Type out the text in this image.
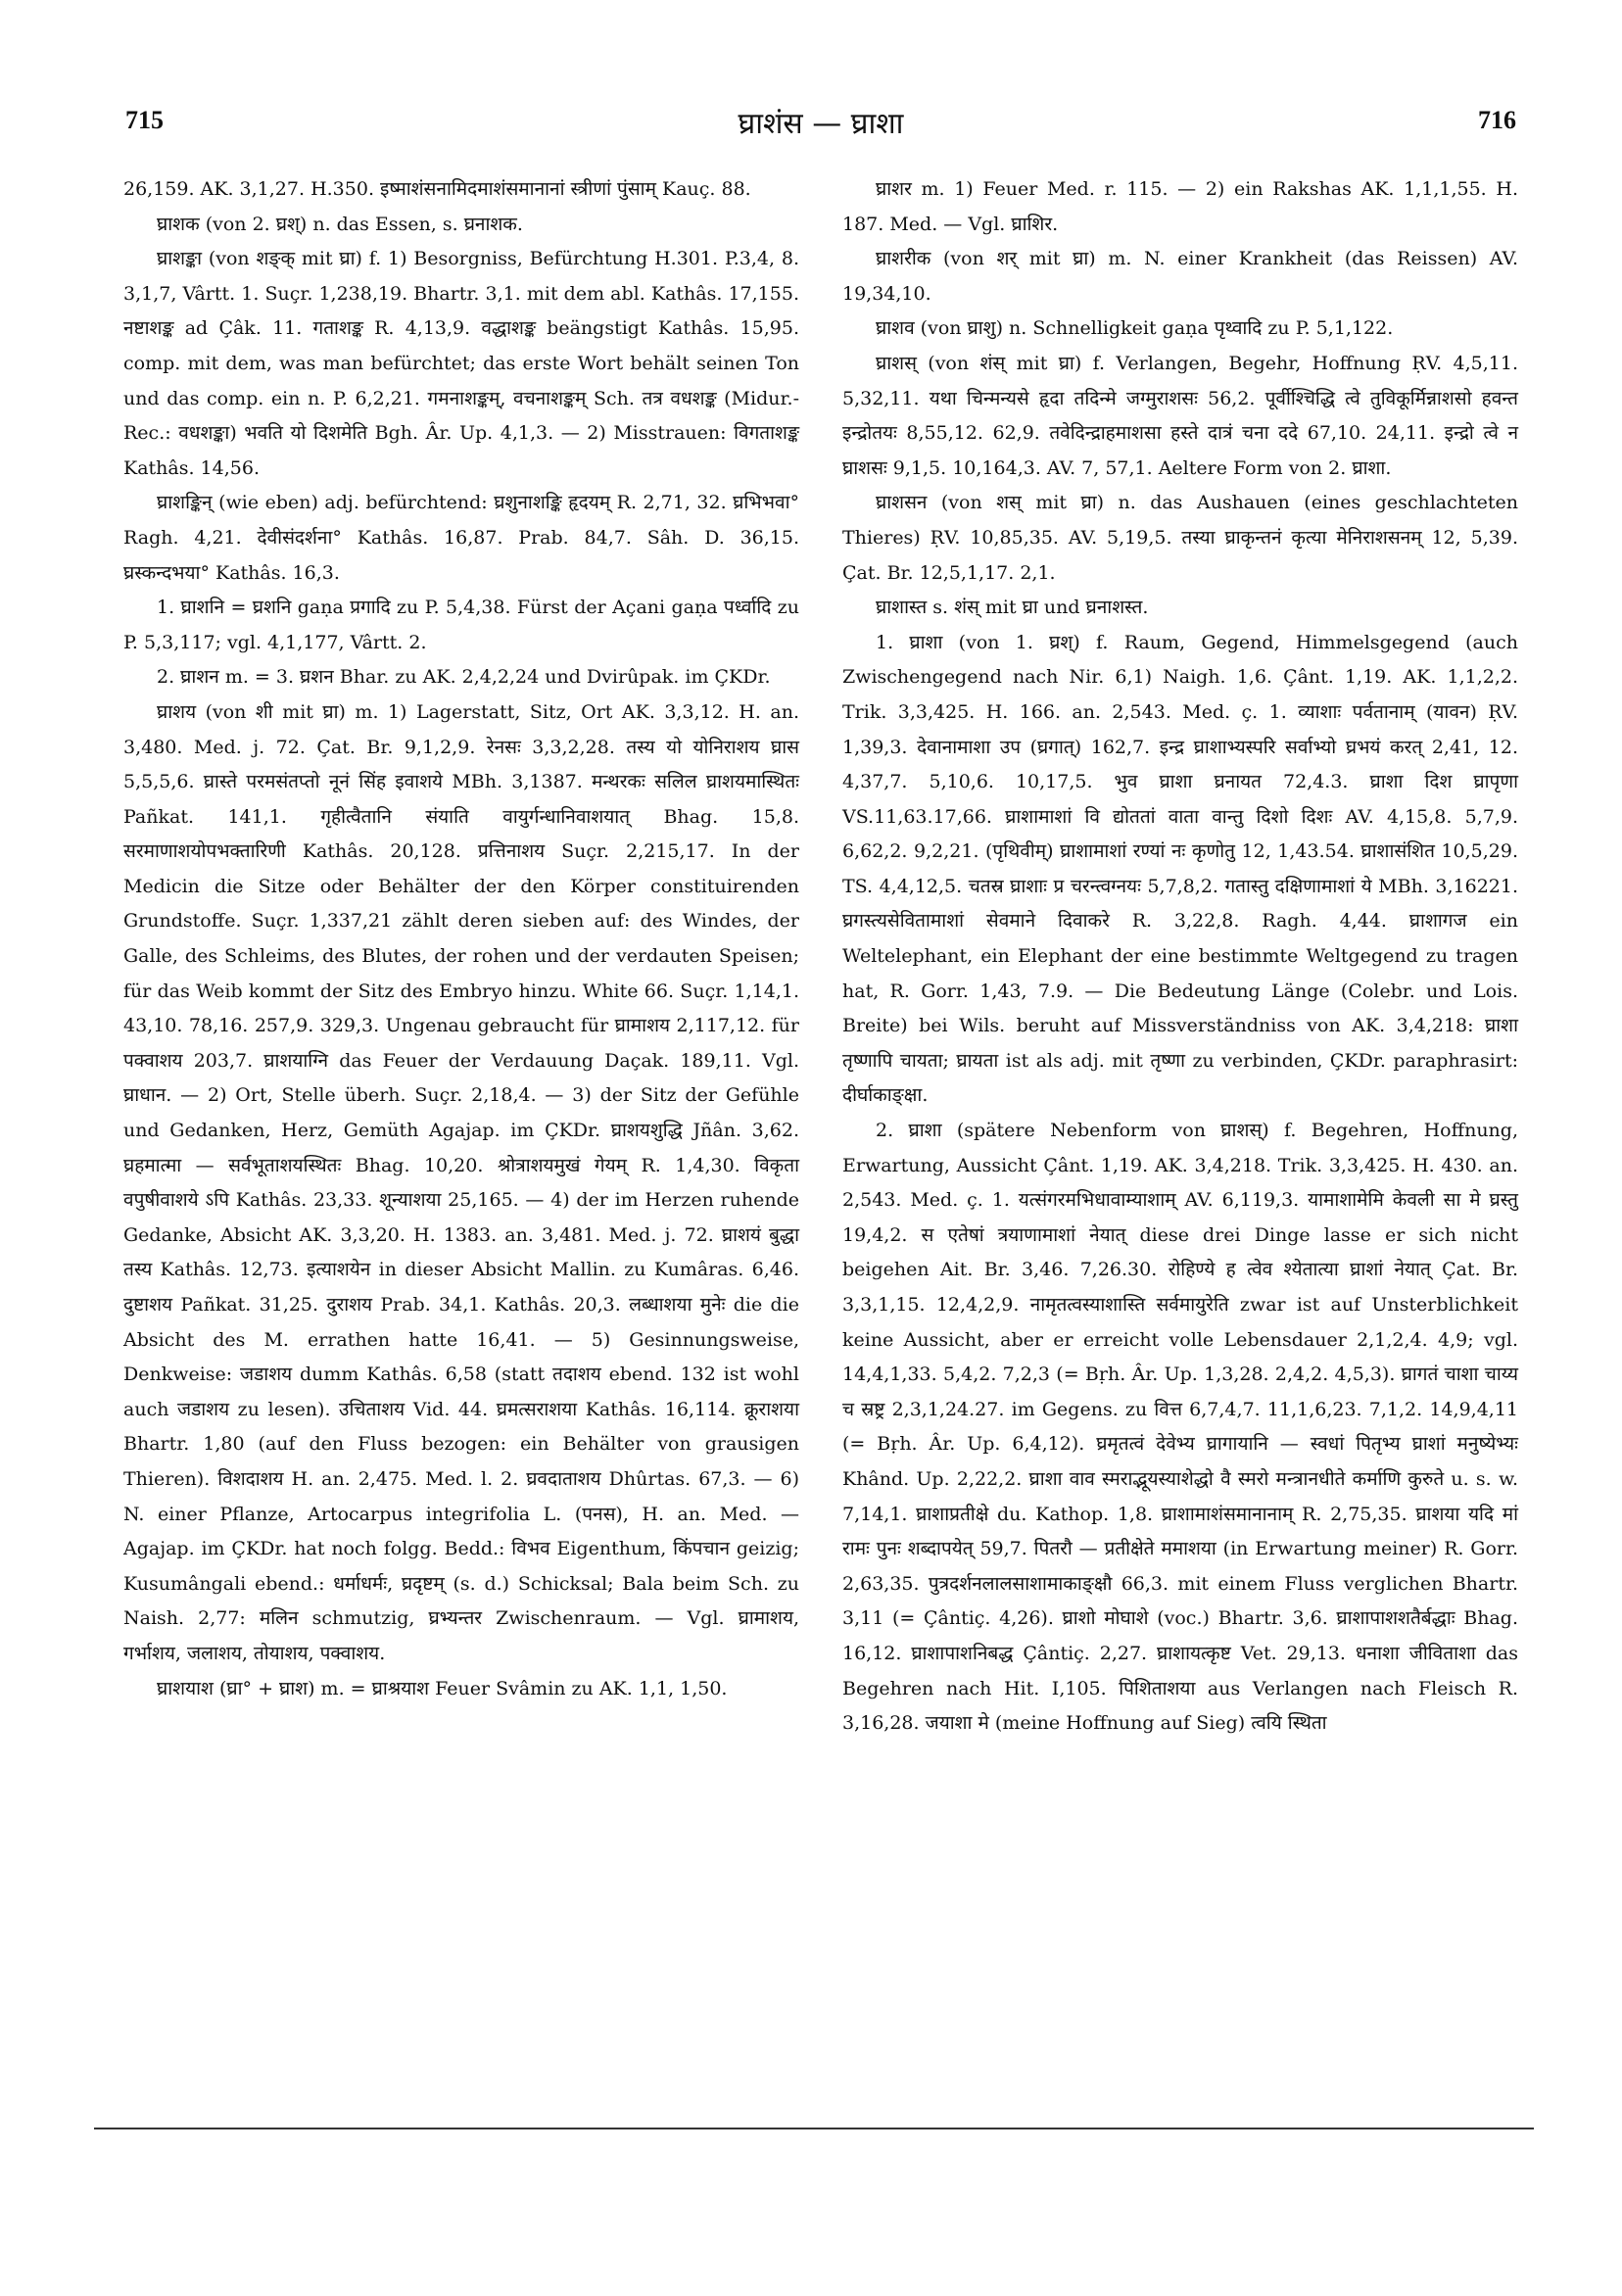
715	घ्राशंस — घ्राशा	716

26,159. AK. 3,1,27. H.350. इष्माशंसनामिदमाशंसमानानां स्त्रीणां पुंसाम् Kauç. 88.

घ्राशक (von 2. घ्रश्) n. das Essen, s. घ्रनाशक.

घ्राशङ्का (von शङ्क् mit घ्रा) f. 1) Besorgniss, Befürchtung H.301. P.3,4, 8. 3,1,7, Vârtt. 1. Suçr. 1,238,19. Bhartr. 3,1. mit dem abl. Kathâs. 17,155. नष्टाशङ्क ad Çâk. 11. गताशङ्क R. 4,13,9. वद्धाशङ्क beängstigt Kathâs. 15,95. comp. mit dem, was man befürchtet; das erste Wort behält seinen Ton und das comp. ein n. P. 6,2,21. गमनाशङ्कम्, वचनाशङ्कम् Sch. तत्र वधशङ्क (Midur.-Rec.: वधशङ्का) भवति यो दिशमेति Bgh. Âr. Up. 4,1,3. — 2) Misstrauen: विगताशङ्क Kathâs. 14,56.

घ्राशङ्किन् (wie eben) adj. befürchtend: घ्रशुनाशङ्कि हृदयम् R. 2,71, 32. घ्रभिभवा° Ragh. 4,21. देवीसंदर्शना° Kathâs. 16,87. Prab. 84,7. Sâh. D. 36,15. घ्रस्कन्दभया° Kathâs. 16,3.

1. घ्राशनि = घ्रशनि gaṇa प्रगादि zu P. 5,4,38. Fürst der Açani gaṇa पर्ध्वादि zu P. 5,3,117; vgl. 4,1,177, Vârtt. 2.

2. घ्राशन m. = 3. घ्रशन Bhar. zu AK. 2,4,2,24 und Dvirûpak. im ÇKDr.

घ्राशय (von शी mit घ्रा) m. 1) Lagerstatt, Sitz, Ort AK. 3,3,12. H. an. 3,480. Med. j. 72. Çat. Br. 9,1,2,9. रेनसः 3,3,2,28. तस्य यो योनिराशय घ्रास 5,5,5,6. घ्रास्ते परमसंतप्तो नूनं सिंह इवाशये MBh. 3,1387. मन्थरकः सलिल घ्राशयमास्थितः Pañkat. 141,1. गृहीत्वैतानि संयाति वायुर्गन्धानिवाशयात् Bhag. 15,8. सरमाणाशयोपभक्तारिणी Kathâs. 20,128. प्रत्तिनाशय Suçr. 2,215,17. In der Medicin die Sitze oder Behälter der den Körper constituirenden Grundstoffe. Suçr. 1,337,21 zählt deren sieben auf: des Windes, der Galle, des Schleims, des Blutes, der rohen und der verdauten Speisen; für das Weib kommt der Sitz des Embryo hinzu. White 66. Suçr. 1,14,1. 43,10. 78,16. 257,9. 329,3. Ungenau gebraucht für घ्रामाशय 2,117,12. für पक्वाशय 203,7. घ्राशयाग्नि das Feuer der Verdauung Daçak. 189,11. Vgl. घ्राधान. — 2) Ort, Stelle überh. Suçr. 2,18,4. — 3) der Sitz der Gefühle und Gedanken, Herz, Gemüth Agajap. im ÇKDr. घ्राशयशुद्धि Jñân. 3,62. घ्रहमात्मा — सर्वभूताशयस्थितः Bhag. 10,20. श्रोत्राशयमुखं गेयम् R. 1,4,30. विकृता वपुषीवाशये ऽपि Kathâs. 23,33. शून्याशया 25,165. — 4) der im Herzen ruhende Gedanke, Absicht AK. 3,3,20. H. 1383. an. 3,481. Med. j. 72. घ्राशयं बुद्धा तस्य Kathâs. 12,73. इत्याशयेन in dieser Absicht Mallin. zu Kumâras. 6,46. दुष्टाशय Pañkat. 31,25. दुराशय Prab. 34,1. Kathâs. 20,3. लब्धाशया मुनेः die die Absicht des M. errathen hatte 16,41. — 5) Gesinnungsweise, Denkweise: जडाशय dumm Kathâs. 6,58 (statt तदाशय ebend. 132 ist wohl auch जडाशय zu lesen). उचिताशय Vid. 44. घ्रमत्सराशया Kathâs. 16,114. क्रूराशया Bhartr. 1,80 (auf den Fluss bezogen: ein Behälter von grausigen Thieren). विशदाशय H. an. 2,475. Med. l. 2. घ्रवदाताशय Dhûrtas. 67,3. — 6) N. einer Pflanze, Artocarpus integrifolia L. (पनस), H. an. Med. — Agajap. im ÇKDr. hat noch folgg. Bedd.: विभव Eigenthum, किंपचान geizig; Kusumângali ebend.: धर्माधर्मः, घ्रदृष्टम् (s. d.) Schicksal; Bala beim Sch. zu Naish. 2,77: मलिन schmutzig, घ्रभ्यन्तर Zwischenraum. — Vgl. घ्रामाशय, गर्भाशय, जलाशय, तोयाशय, पक्वाशय.

घ्राशयाश (घ्रा° + घ्राश) m. = घ्राश्रयाश Feuer Svâmin zu AK. 1,1, 1,50.

घ्राशर m. 1) Feuer Med. r. 115. — 2) ein Rakshas AK. 1,1,1,55. H. 187. Med. — Vgl. घ्राशिर.

घ्राशरीक (von शर् mit घ्रा) m. N. einer Krankheit (das Reissen) AV. 19,34,10.

घ्राशव (von घ्राशु) n. Schnelligkeit gaṇa पृथ्वादि zu P. 5,1,122.

घ्राशस् (von शंस् mit घ्रा) f. Verlangen, Begehr, Hoffnung ṚV. 4,5,11. 5,32,11. यथा चिन्मन्यसे हृदा तदिन्मे जग्मुराशसः 56,2. पूर्वीश्चिद्धि त्वे तुविकूर्मिन्नाशसो हवन्त इन्द्रोतयः 8,55,12. 62,9. तवेदिन्द्राहमाशसा हस्ते दात्रं चना ददे 67,10. 24,11. इन्द्रो त्वे न घ्राशसः 9,1,5. 10,164,3. AV. 7, 57,1. Aeltere Form von 2. घ्राशा.

घ्राशसन (von शस् mit घ्रा) n. das Aushauen (eines geschlachteten Thieres) ṚV. 10,85,35. AV. 5,19,5. तस्या घ्राकृन्तनं कृत्या मेनिराशसनम् 12, 5,39. Çat. Br. 12,5,1,17. 2,1.

घ्राशास्त s. शंस् mit घ्रा und घ्रनाशस्त.

1. घ्राशा (von 1. घ्रश्) f. Raum, Gegend, Himmelsgegend (auch Zwischengegend nach Nir. 6,1) Naigh. 1,6. Çânt. 1,19. AK. 1,1,2,2. Trik. 3,3,425. H. 166. an. 2,543. Med. ç. 1. व्याशाः पर्वतानाम् (यावन) ṚV. 1,39,3. देवानामाशा उप (घ्रगात्) 162,7. इन्द्र घ्राशाभ्यस्परि सर्वाभ्यो घ्रभयं करत् 2,41, 12. 4,37,7. 5,10,6. 10,17,5. भुव घ्राशा घ्रनायत 72,4.3. घ्राशा दिश घ्रापृणा VS.11,63.17,66. घ्राशामाशां वि द्योततां वाता वान्तु दिशो दिशः AV. 4,15,8. 5,7,9. 6,62,2. 9,2,21. (पृथिवीम्) घ्राशामाशां रण्यां नः कृणोतु 12, 1,43.54. घ्राशासंशित 10,5,29. TS. 4,4,12,5. चतस्र घ्राशाः प्र चरन्त्वग्नयः 5,7,8,2. गतास्तु दक्षिणामाशां ये MBh. 3,16221. घ्रगस्त्यसेवितामाशां सेवमाने दिवाकरे R. 3,22,8. Ragh. 4,44. घ्राशागज ein Weltelephant, ein Elephant der eine bestimmte Weltgegend zu tragen hat, R. Gorr. 1,43, 7.9. — Die Bedeutung Länge (Colebr. und Lois. Breite) bei Wils. beruht auf Missverständniss von AK. 3,4,218: घ्राशा तृष्णापि चायता; घ्रायता ist als adj. mit तृष्णा zu verbinden, ÇKDr. paraphrasirt: दीर्घाकाङ्क्षा.

2. घ्राशा (spätere Nebenform von घ्राशस्) f. Begehren, Hoffnung, Erwartung, Aussicht Çânt. 1,19. AK. 3,4,218. Trik. 3,3,425. H. 430. an. 2,543. Med. ç. 1. यत्संगरमभिधावाम्याशाम् AV. 6,119,3. यामाशामेमि केवली सा मे घ्रस्तु 19,4,2. स एतेषां त्रयाणामाशां नेयात् diese drei Dinge lasse er sich nicht beigehen Ait. Br. 3,46. 7,26.30. रोहिण्ये ह त्वेव श्येतात्या घ्राशां नेयात् Çat. Br. 3,3,1,15. 12,4,2,9. नामृतत्वस्याशास्ति सर्वमायुरेति zwar ist auf Unsterblichkeit keine Aussicht, aber er erreicht volle Lebensdauer 2,1,2,4. 4,9; vgl. 14,4,1,33. 5,4,2. 7,2,3 (= Bṛh. Âr. Up. 1,3,28. 2,4,2. 4,5,3). घ्रागतं चाशा चाय्य च स्रष्ट्र 2,3,1,24.27. im Gegens. zu वित्त 6,7,4,7. 11,1,6,23. 7,1,2. 14,9,4,11 (= Bṛh. Âr. Up. 6,4,12). घ्रमृतत्वं देवेभ्य घ्रागायानि — स्वधां पितृभ्य घ्राशां मनुष्येभ्यः Khând. Up. 2,22,2. घ्राशा वाव स्मराद्भूयस्याशेद्धो वै स्मरो मन्त्रानधीते कर्माणि कुरुते u. s. w. 7,14,1. घ्राशाप्रतीक्षे du. Kathop. 1,8. घ्राशामाशंसमानानाम् R. 2,75,35. घ्राशया यदि मां रामः पुनः शब्दापयेत् 59,7. पितरौ — प्रतीक्षेते ममाशया (in Erwartung meiner) R. Gorr. 2,63,35. पुत्रदर्शनलालसाशामाकाङ्क्षौ 66,3. mit einem Fluss verglichen Bhartr. 3,11 (= Çântiç. 4,26). घ्राशो मोघाशे (voc.) Bhartr. 3,6. घ्राशापाशशतैर्बद्धाः Bhag. 16,12. घ्राशापाशनिबद्ध Çântiç. 2,27. घ्राशायत्कृष्ट Vet. 29,13. धनाशा जीविताशा das Begehren nach Hit. I,105. पिशिताशया aus Verlangen nach Fleisch R. 3,16,28. जयाशा मे (meine Hoffnung auf Sieg) त्वयि स्थिता
